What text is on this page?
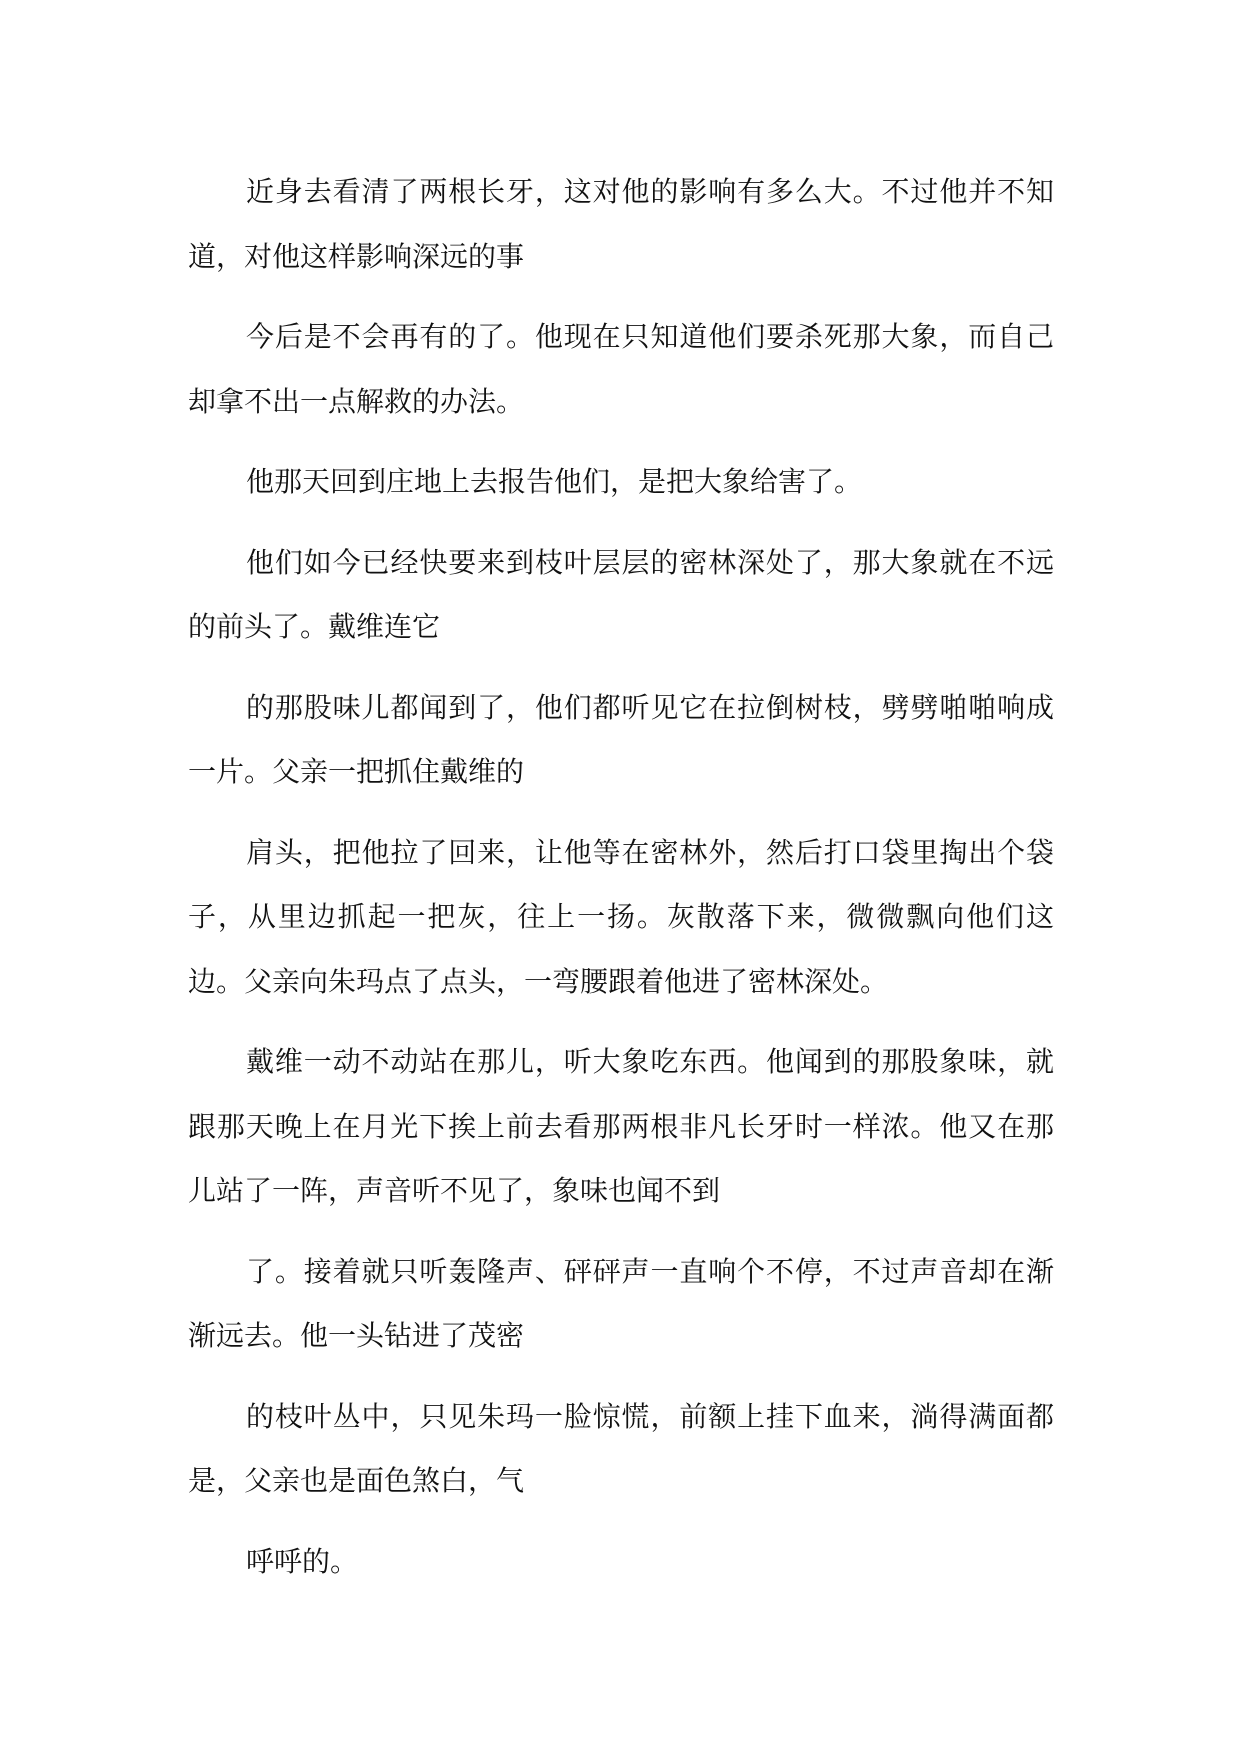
近身去看清了两根长牙，这对他的影响有多么大。不过他并不知道，对他这样影响深远的事

今后是不会再有的了。他现在只知道他们要杀死那大象，而自己却拿不出一点解救的办法。

他那天回到庄地上去报告他们，是把大象给害了。

他们如今已经快要来到枝叶层层的密林深处了，那大象就在不远的前头了。戴维连它

的那股味儿都闻到了，他们都听见它在拉倒树枝，劈劈啪啪响成一片。父亲一把抓住戴维的

肩头，把他拉了回来，让他等在密林外，然后打口袋里掏出个袋子，从里边抓起一把灰，往上一扬。灰散落下来，微微飘向他们这边。父亲向朱玛点了点头，一弯腰跟着他进了密林深处。

戴维一动不动站在那儿，听大象吃东西。他闻到的那股象味，就跟那天晚上在月光下挨上前去看那两根非凡长牙时一样浓。他又在那儿站了一阵，声音听不见了，象味也闻不到

了。接着就只听轰隆声、砰砰声一直响个不停，不过声音却在渐渐远去。他一头钻进了茂密

的枝叶丛中，只见朱玛一脸惊慌，前额上挂下血来，淌得满面都是，父亲也是面色煞白，气

呼呼的。
